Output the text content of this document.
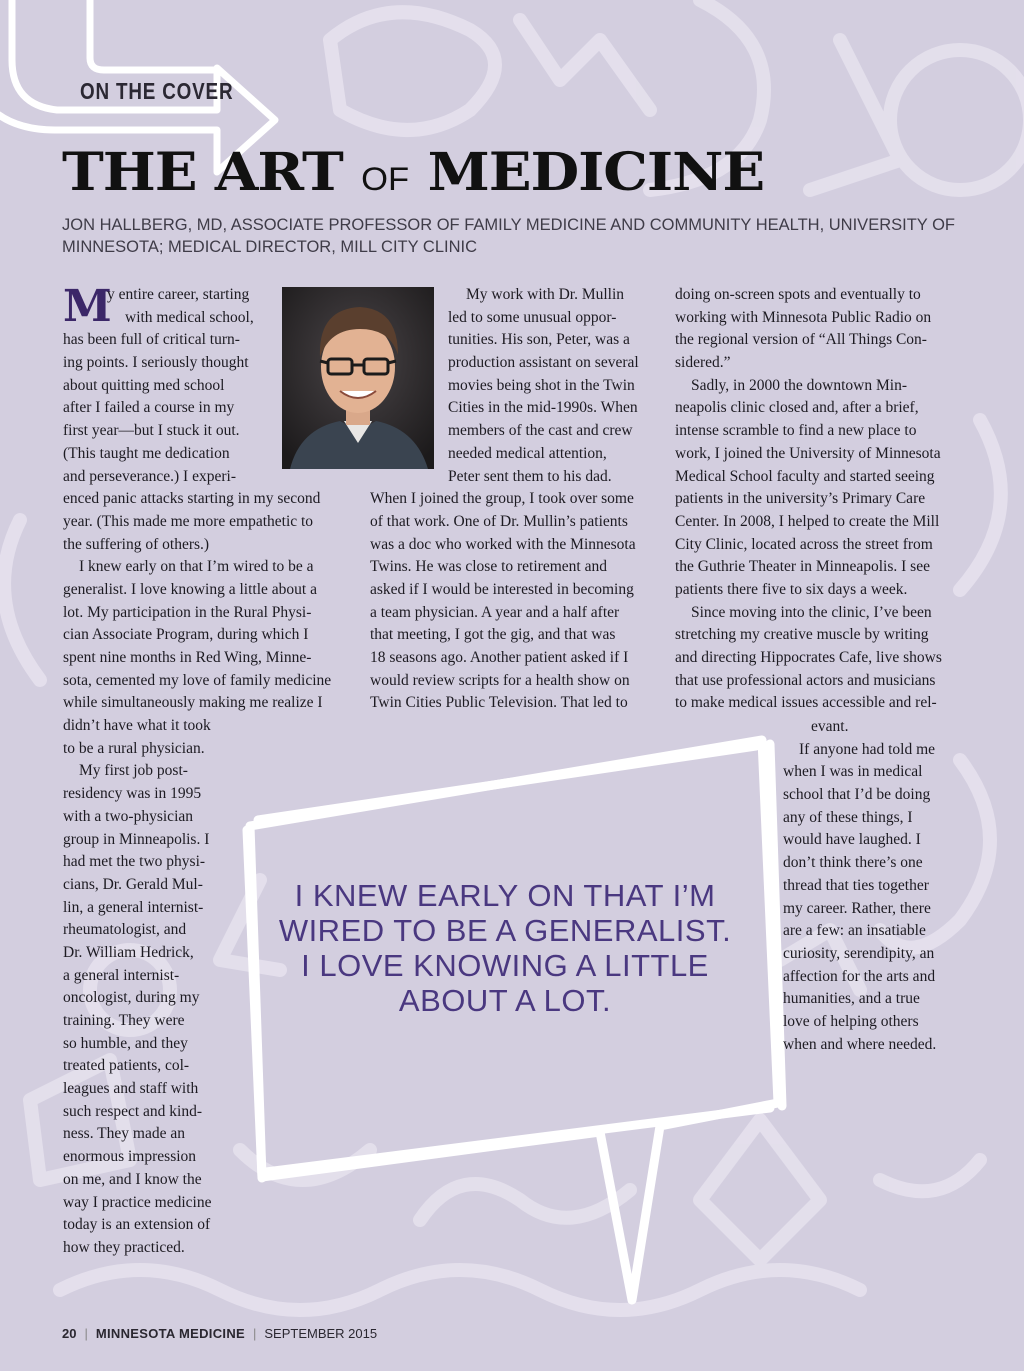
ON THE COVER
THE ART OF MEDICINE
JON HALLBERG, MD, ASSOCIATE PROFESSOR OF FAMILY MEDICINE AND COMMUNITY HEALTH, UNIVERSITY OF MINNESOTA; MEDICAL DIRECTOR, MILL CITY CLINIC
M
y entire career, starting
with medical school,
has been full of critical turn-
ing points. I seriously thought
about quitting med school
after I failed a course in my
first year—but I stuck it out.
(This taught me dedication
and perseverance.) I experi-
enced panic attacks starting in my second
year. (This made me more empathetic to
the suffering of others.)
I knew early on that I’m wired to be a
generalist. I love knowing a little about a
lot. My participation in the Rural Physi-
cian Associate Program, during which I
spent nine months in Red Wing, Minne-
sota, cemented my love of family medicine
while simultaneously making me realize I
didn’t have what it took
to be a rural physician.
My first job post-
residency was in 1995
with a two-physician
group in Minneapolis. I
had met the two physi-
cians, Dr. Gerald Mul-
lin, a general internist-
rheumatologist, and
Dr. William Hedrick,
a general internist-
oncologist, during my
training. They were
so humble, and they
treated patients, col-
leagues and staff with
such respect and kind-
ness. They made an
enormous impression
on me, and I know the
way I practice medicine
today is an extension of
how they practiced.
My work with Dr. Mullin
led to some unusual oppor-
tunities. His son, Peter, was a
production assistant on several
movies being shot in the Twin
Cities in the mid-1990s. When
members of the cast and crew
needed medical attention,
Peter sent them to his dad.
When I joined the group, I took over some
of that work. One of Dr. Mullin’s patients
was a doc who worked with the Minnesota
Twins. He was close to retirement and
asked if I would be interested in becoming
a team physician. A year and a half after
that meeting, I got the gig, and that was
18 seasons ago. Another patient asked if I
would review scripts for a health show on
Twin Cities Public Television. That led to
doing on-screen spots and eventually to
working with Minnesota Public Radio on
the regional version of “All Things Con-
sidered.”
Sadly, in 2000 the downtown Min-
neapolis clinic closed and, after a brief,
intense scramble to find a new place to
work, I joined the University of Minnesota
Medical School faculty and started seeing
patients in the university’s Primary Care
Center. In 2008, I helped to create the Mill
City Clinic, located across the street from
the Guthrie Theater in Minneapolis. I see
patients there five to six days a week.
Since moving into the clinic, I’ve been
stretching my creative muscle by writing
and directing Hippocrates Cafe, live shows
that use professional actors and musicians
to make medical issues accessible and rel-
evant.
If anyone had told me
when I was in medical
school that I’d be doing
any of these things, I
would have laughed. I
don’t think there’s one
thread that ties together
my career. Rather, there
are a few: an insatiable
curiosity, serendipity, an
affection for the arts and
humanities, and a true
love of helping others
when and where needed.
I KNEW EARLY ON THAT I’M WIRED TO BE A GENERALIST. I LOVE KNOWING A LITTLE ABOUT A LOT.
20 | MINNESOTA MEDICINE | SEPTEMBER 2015
